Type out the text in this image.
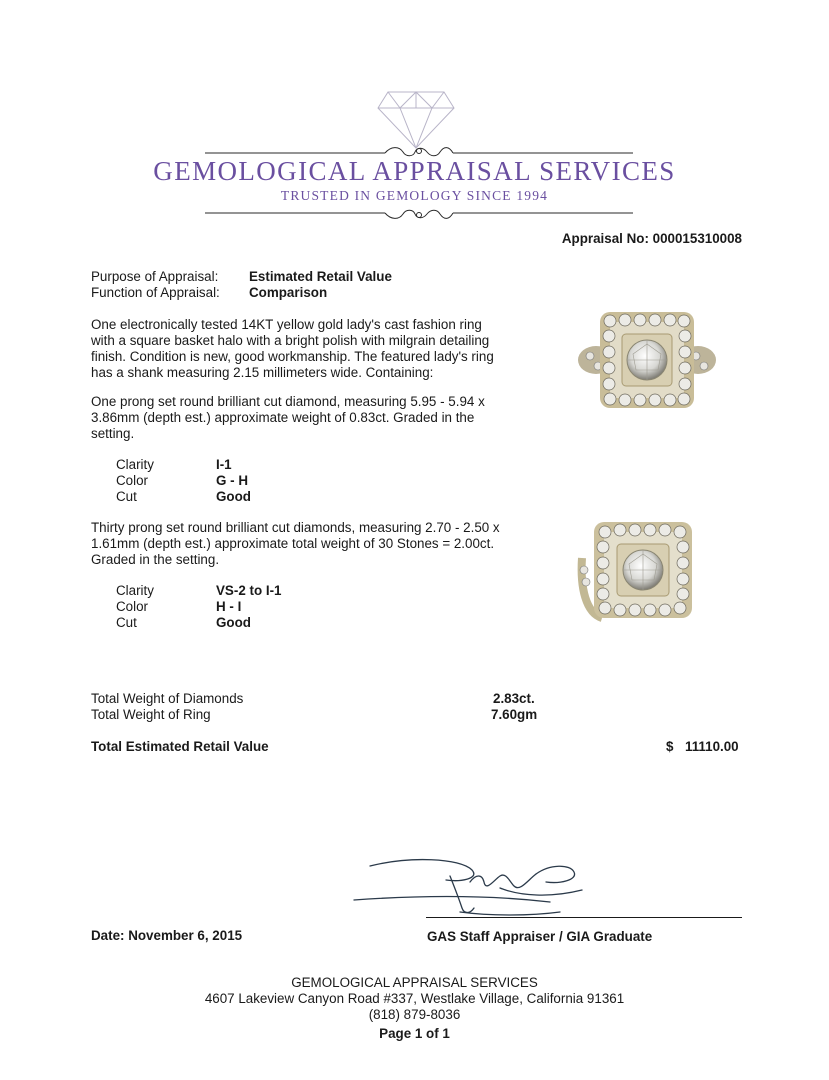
GEMOLOGICAL APPRAISAL SERVICES
TRUSTED IN GEMOLOGY SINCE 1994
Appraisal No: 000015310008
Purpose of Appraisal: Estimated Retail Value
Function of Appraisal: Comparison
One electronically tested 14KT yellow gold lady's cast fashion ring with a square basket halo with a bright polish with milgrain detailing finish. Condition is new, good workmanship. The featured lady's ring has a shank measuring 2.15 millimeters wide. Containing:
One prong set round brilliant cut diamond, measuring 5.95 - 5.94 x 3.86mm (depth est.) approximate weight of 0.83ct. Graded in the setting.
Clarity	I-1
Color	G - H
Cut	Good
Thirty prong set round brilliant cut diamonds, measuring 2.70 - 2.50 x 1.61mm (depth est.) approximate total weight of 30 Stones = 2.00ct. Graded in the setting.
Clarity	VS-2 to I-1
Color	H - I
Cut	Good
Total Weight of Diamonds	2.83ct.
Total Weight of Ring	7.60gm
Total Estimated Retail Value	$ 11110.00
Date: November 6, 2015	GAS Staff Appraiser / GIA Graduate
GEMOLOGICAL APPRAISAL SERVICES
4607 Lakeview Canyon Road #337, Westlake Village, California 91361
(818) 879-8036
Page 1 of 1
